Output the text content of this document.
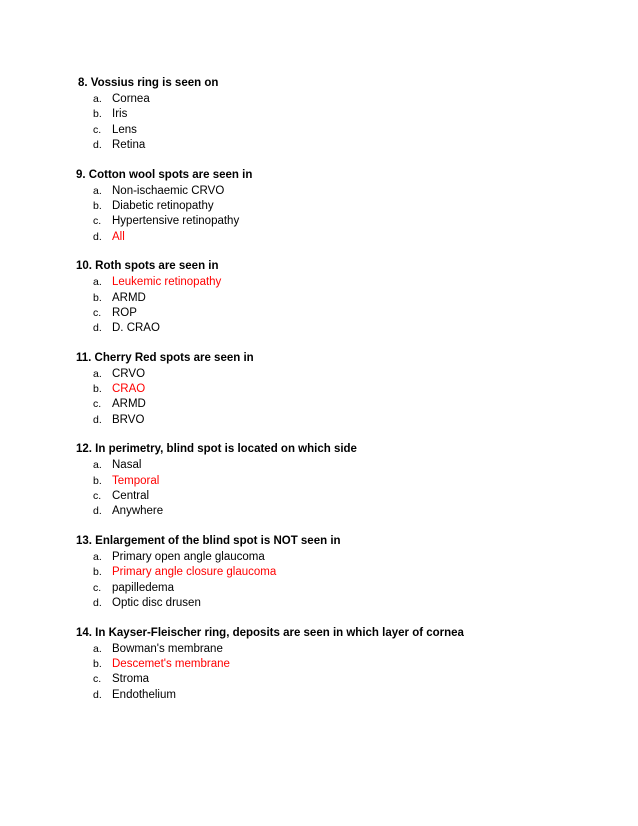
8. Vossius ring is seen on
a. Cornea
b. Iris
c. Lens
d. Retina
9. Cotton wool spots are seen in
a. Non-ischaemic CRVO
b. Diabetic retinopathy
c. Hypertensive retinopathy
d. All
10. Roth spots are seen in
a. Leukemic retinopathy
b. ARMD
c. ROP
d. D. CRAO
11. Cherry Red spots are seen in
a. CRVO
b. CRAO
c. ARMD
d. BRVO
12. In perimetry, blind spot is located on which side
a. Nasal
b. Temporal
c. Central
d. Anywhere
13. Enlargement of the blind spot is NOT seen in
a. Primary open angle glaucoma
b. Primary angle closure glaucoma
c. papilledema
d. Optic disc drusen
14. In Kayser-Fleischer ring, deposits are seen in which layer of cornea
a. Bowman's membrane
b. Descemet's membrane
c. Stroma
d. Endothelium
